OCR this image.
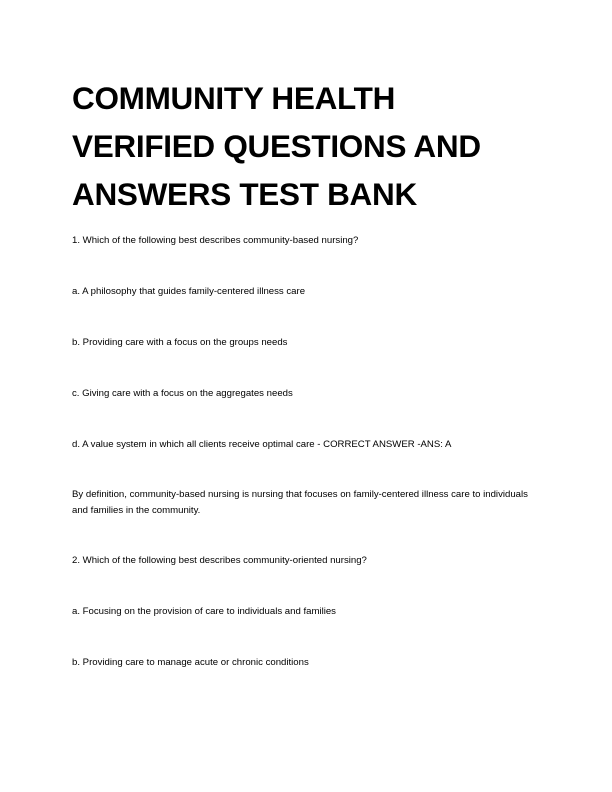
COMMUNITY HEALTH
VERIFIED QUESTIONS AND
ANSWERS TEST BANK

1. Which of the following best describes community-based nursing?

a. A philosophy that guides family-centered illness care

b. Providing care with a focus on the groups needs

c. Giving care with a focus on the aggregates needs

d. A value system in which all clients receive optimal care - CORRECT ANSWER -ANS: A

By definition, community-based nursing is nursing that focuses on family-centered illness care to individuals and families in the community.

2. Which of the following best describes community-oriented nursing?

a. Focusing on the provision of care to individuals and families

b. Providing care to manage acute or chronic conditions
